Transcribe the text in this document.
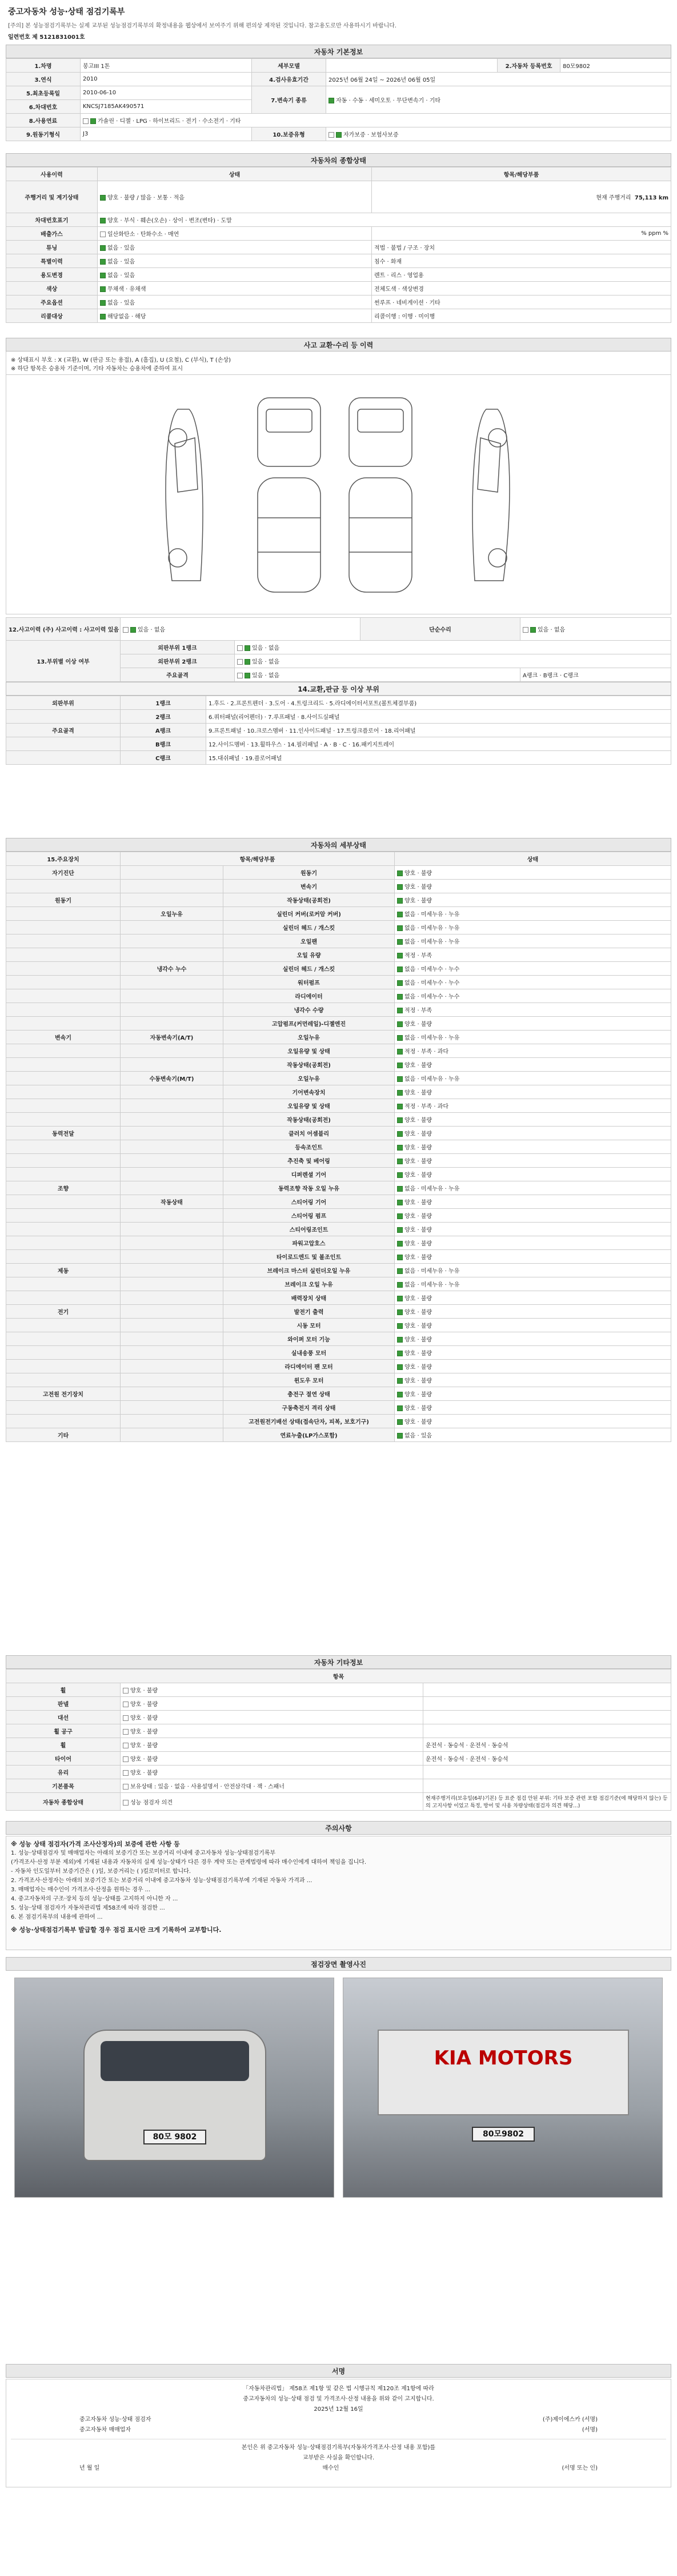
중고자동차 성능·상태 점검기록부
[주의] 본 성능점검기록부는 실제 교부된 성능점검기록부의 확정내용을 웹상에서 보여주기 위해 편의상 제작된 것입니다. 참고용도로만 사용하시기 바랍니다.
일련번호 제 5121831001호
자동차 기본정보
1.차명	봉고III 1톤	세부모델		2.자동차 등록번호	80모9802
3.연식	2010	4.검사유효기간	2025년 06월 24일 ~ 2026년 06월 05일		
5.최초등록일	2010-06-10	7.변속기 종류	자동 · 수동 · 세미오토 · 무단변속기 · 기타		
6.차대번호	KNCSJ7185AK490571				
8.사용연료	가솔린 · 디젤 · LPG · 하이브리드 · 전기 · 수소전기 · 기타				
9.원동기형식	J3	10.보증유형	자가보증 · 보험사보증		
자동차의 종합상태
사용이력	상태	항목/해당부품
주행거리 및 계기상태	양호 · 불량 / 많음 · 보통 · 적음	현재 주행거리 75,113 km
차대번호표기	양호 · 부식 · 훼손(오손) · 상이 · 변조(변타) · 도말	
배출가스	일산화탄소 · 탄화수소 · 매연	% ppm %
튜닝	없음 · 있음	적법 · 불법 / 구조 · 장치
특별이력	없음 · 있음	침수 · 화재
용도변경	없음 · 있음	렌트 · 리스 · 영업용
색상	무채색 · 유채색	전체도색 · 색상변경
주요옵션	없음 · 있음	썬루프 · 네비게이션 · 기타
리콜대상	해당없음 · 해당	리콜이행 : 이행 · 미이행
사고 교환·수리 등 이력
※ 상태표시 부호 : X (교환), W (판금 또는 용접), A (흠집), U (요철), C (부식), T (손상)
※ 하단 항목은 승용차 기준이며, 기타 자동차는 승용차에 준하여 표시
12.사고이력 (주) 사고이력 : 사고이력 있음	있음 · 없음		단순수리	있음 · 없음
13.부위별 이상 여부	외판부위 1랭크	있음 · 없음		
	외판부위 2랭크	있음 · 없음		
	주요골격	있음 · 없음		A랭크 · B랭크 · C랭크
14.교환,판금 등 이상 부위
외판부위	1랭크	1.후드 · 2.프론트펜더 · 3.도어 · 4.트렁크리드 · 5.라디에이터서포트(볼트체결부품)
	2랭크	6.쿼터패널(리어펜더) · 7.루프패널 · 8.사이드실패널
주요골격	A랭크	9.프론트패널 · 10.크로스멤버 · 11.인사이드패널 · 17.트렁크플로어 · 18.리어패널
	B랭크	12.사이드멤버 · 13.휠하우스 · 14.필러패널 · A · B · C · 16.패키지트레이
	C랭크	15.대쉬패널 · 19.플로어패널
자동차의 세부상태
15.주요장치	항목/해당부품		상태
자기진단		원동기	양호 · 불량
		변속기	양호 · 불량
원동기		작동상태(공회전)	양호 · 불량
	오일누유	실린더 커버(로커암 커버)	없음 · 미세누유 · 누유
		실린더 헤드 / 개스킷	없음 · 미세누유 · 누유
		오일팬	없음 · 미세누유 · 누유
		오일 유량	적정 · 부족
	냉각수 누수	실린더 헤드 / 개스킷	없음 · 미세누수 · 누수
		워터펌프	없음 · 미세누수 · 누수
		라디에이터	없음 · 미세누수 · 누수
		냉각수 수량	적정 · 부족
		고압펌프(커먼레일)-디젤엔진	양호 · 불량
변속기	자동변속기(A/T)	오일누유	없음 · 미세누유 · 누유
		오일유량 및 상태	적정 · 부족 · 과다
		작동상태(공회전)	양호 · 불량
	수동변속기(M/T)	오일누유	없음 · 미세누유 · 누유
		기어변속장치	양호 · 불량
		오일유량 및 상태	적정 · 부족 · 과다
		작동상태(공회전)	양호 · 불량
동력전달		클러치 어셈블리	양호 · 불량
		등속조인트	양호 · 불량
		추진축 및 베어링	양호 · 불량
		디퍼렌셜 기어	양호 · 불량
조향		동력조향 작동 오일 누유	없음 · 미세누유 · 누유
	작동상태	스티어링 기어	양호 · 불량
		스티어링 펌프	양호 · 불량
		스티어링조인트	양호 · 불량
		파워고압호스	양호 · 불량
		타이로드엔드 및 볼조인트	양호 · 불량
제동		브레이크 마스터 실린더오일 누유	없음 · 미세누유 · 누유
		브레이크 오일 누유	없음 · 미세누유 · 누유
		배력장치 상태	양호 · 불량
전기		발전기 출력	양호 · 불량
		시동 모터	양호 · 불량
		와이퍼 모터 기능	양호 · 불량
		실내송풍 모터	양호 · 불량
		라디에이터 팬 모터	양호 · 불량
		윈도우 모터	양호 · 불량
고전원 전기장치		충전구 절연 상태	양호 · 불량
		구동축전지 격리 상태	양호 · 불량
		고전원전기배선 상태(접속단자, 피복, 보호기구)	양호 · 불량
기타		연료누출(LP가스포함)	없음 · 있음
자동차 기타정보
항목		
휠	양호 · 불량	
판넬	양호 · 불량	
대선	양호 · 불량	
휠 공구	양호 · 불량	
휠	양호 · 불량	운전석 · 동승석 · 운전석 · 동승석
타이어	양호 · 불량	운전석 · 동승석 · 운전석 · 동승석
유리	양호 · 불량	
기본품목	보유상태 : 있음 · 없음 · 사용설명서 · 안전삼각대 · 잭 · 스패너	
자동차 종합상태	성능 점검자 의견	현재주행거리(보유일(6부)기본) 등 표준 점검 안된 부위: 기타 보증 관련 포함 점검기준(에 해당하지 않는) 등의 고지사항 이었고 특정, 방어 및 사용 차량상태(점검자 의견 해당...)
주의사항
※ 성능 상태 점검자(가격 조사산정자)의 보증에 관한 사항 등
1. 성능·상태점검자 및 매매업자는 아래의 보증기간 또는 보증거리 이내에 중고자동차 성능·상태점검기록부
(가격조사·산정 부분 제외)에 기재된 내용과 자동차의 실제 성능·상태가 다른 경우 계약 또는 관계법령에 따라 매수인에게 대하여 책임을 집니다.
- 자동차 인도일부터 보증기간은 ( )일, 보증거리는 ( )킬로미터로 합니다.
2. 가격조사·산정자는 아래의 보증기간 또는 보증거리 이내에 중고자동차 성능·상태점검기록부에 기재된 자동차 가격과 ...
3. 매매업자는 매수인이 가격조사·산정을 원하는 경우 ...
4. 중고자동차의 구조·장치 등의 성능·상태를 고지하지 아니한 자 ...
5. 성능·상태 점검자가 자동차관리법 제58조에 따라 점검한 ...
6. 본 점검기록부의 내용에 관하여 ...
※ 성능·상태점검기록부 발급할 경우 점검 표시란 크게 기록하여 교부합니다.
점검장면 촬영사진
80모 9802
KIA MOTORS
80모9802
서명
「자동차관리법」 제58조 제1항 및 같은 법 시행규칙 제120조 제1항에 따라
중고자동차의 성능·상태 점검 및 가격조사·산정 내용을 위와 같이 고지합니다.
2025년 12월 16일
중고자동차 성능·상태 점검자	(주)제이에스카 (서명)
중고자동차 매매업자	(서명)
본인은 위 중고자동차 성능·상태점검기록부(자동차가격조사·산정 내용 포함)를
교부받은 사실을 확인합니다.
년 월 일	매수인	(서명 또는 인)
